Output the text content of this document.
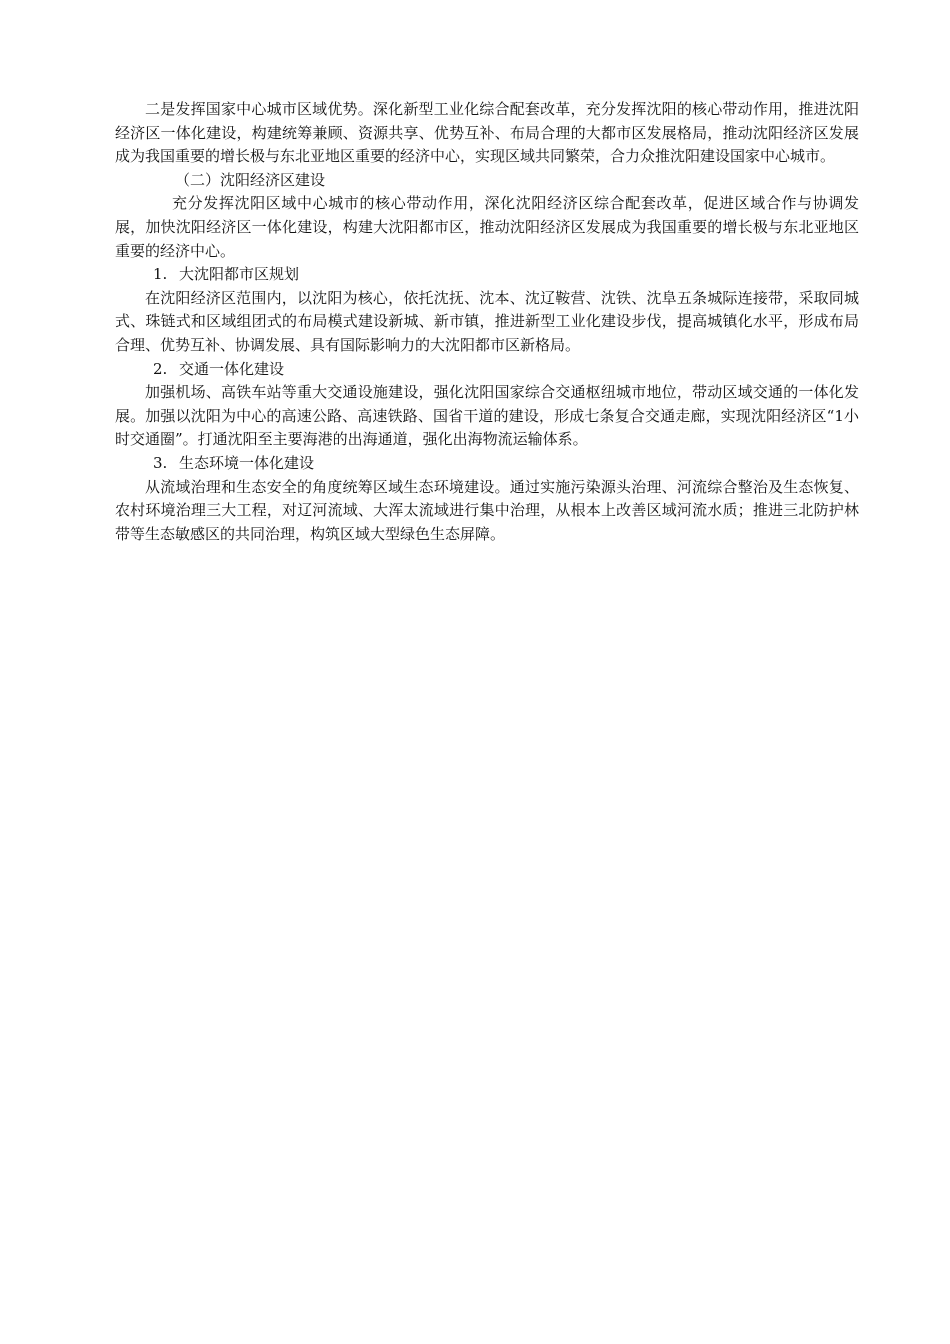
二是发挥国家中心城市区域优势。深化新型工业化综合配套改革，充分发挥沈阳的核心带动作用，推进沈阳经济区一体化建设，构建统筹兼顾、资源共享、优势互补、布局合理的大都市区发展格局，推动沈阳经济区发展成为我国重要的增长极与东北亚地区重要的经济中心，实现区域共同繁荣，合力众推沈阳建设国家中心城市。

（二）沈阳经济区建设

充分发挥沈阳区域中心城市的核心带动作用，深化沈阳经济区综合配套改革，促进区域合作与协调发展，加快沈阳经济区一体化建设，构建大沈阳都市区，推动沈阳经济区发展成为我国重要的增长极与东北亚地区重要的经济中心。

1. 大沈阳都市区规划

在沈阳经济区范围内，以沈阳为核心，依托沈抚、沈本、沈辽鞍营、沈铁、沈阜五条城际连接带，采取同城式、珠链式和区域组团式的布局模式建设新城、新市镇，推进新型工业化建设步伐，提高城镇化水平，形成布局合理、优势互补、协调发展、具有国际影响力的大沈阳都市区新格局。

2. 交通一体化建设

加强机场、高铁车站等重大交通设施建设，强化沈阳国家综合交通枢纽城市地位，带动区域交通的一体化发展。加强以沈阳为中心的高速公路、高速铁路、国省干道的建设，形成七条复合交通走廊，实现沈阳经济区“1小时交通圈”。打通沈阳至主要海港的出海通道，强化出海物流运输体系。

3. 生态环境一体化建设

从流域治理和生态安全的角度统筹区域生态环境建设。通过实施污染源头治理、河流综合整治及生态恢复、农村环境治理三大工程，对辽河流域、大浑太流域进行集中治理，从根本上改善区域河流水质；推进三北防护林带等生态敏感区的共同治理，构筑区域大型绿色生态屏障。
